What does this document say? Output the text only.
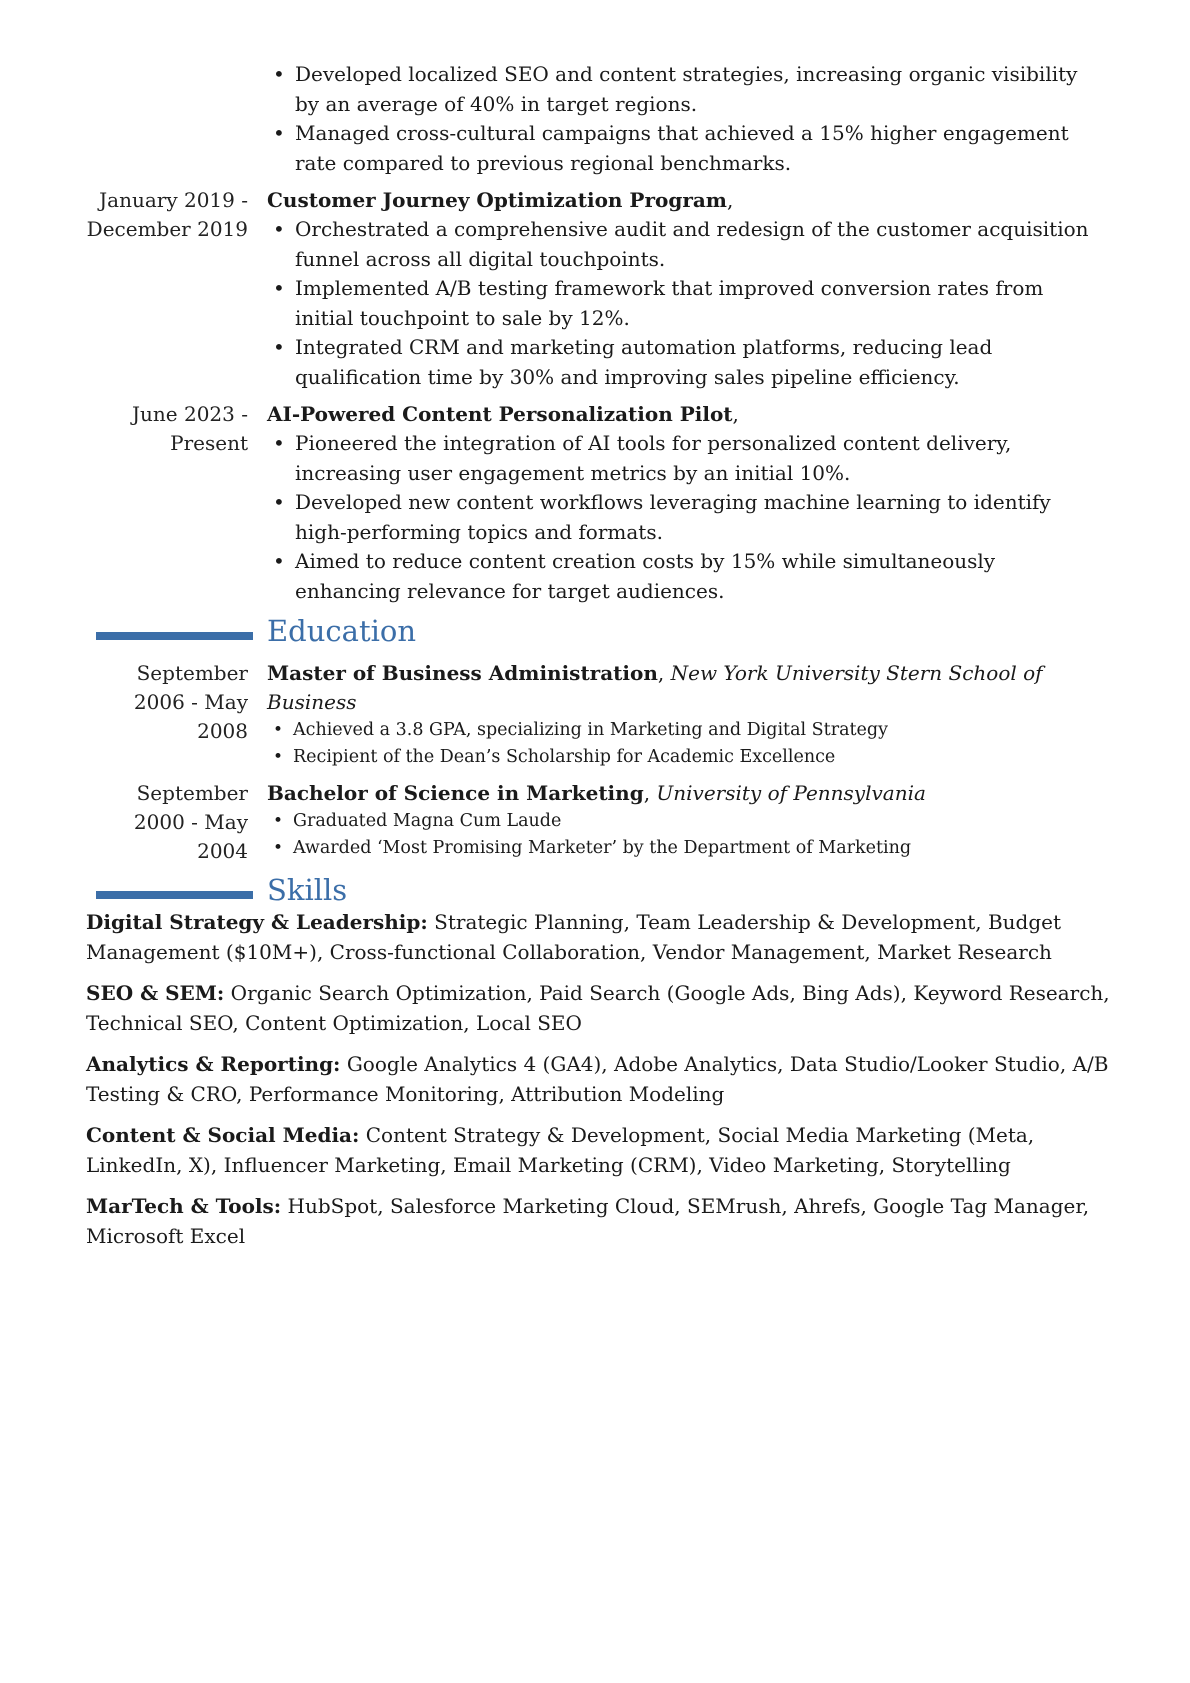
• Developed localized SEO and content strategies, increasing organic visibility by an average of 40% in target regions.
• Managed cross-cultural campaigns that achieved a 15% higher engagement rate compared to previous regional benchmarks.
January 2019 -
December 2019
Customer Journey Optimization Program,
• Orchestrated a comprehensive audit and redesign of the customer acquisition funnel across all digital touchpoints.
• Implemented A/B testing framework that improved conversion rates from initial touchpoint to sale by 12%.
• Integrated CRM and marketing automation platforms, reducing lead qualification time by 30% and improving sales pipeline efficiency.
June 2023 -
Present
AI-Powered Content Personalization Pilot,
• Pioneered the integration of AI tools for personalized content delivery, increasing user engagement metrics by an initial 10%.
• Developed new content workflows leveraging machine learning to identify high-performing topics and formats.
• Aimed to reduce content creation costs by 15% while simultaneously enhancing relevance for target audiences.
Education
September
2006 - May
2008
Master of Business Administration, New York University Stern School of Business
• Achieved a 3.8 GPA, specializing in Marketing and Digital Strategy
• Recipient of the Dean’s Scholarship for Academic Excellence
September
2000 - May
2004
Bachelor of Science in Marketing, University of Pennsylvania
• Graduated Magna Cum Laude
• Awarded ‘Most Promising Marketer’ by the Department of Marketing
Skills
Digital Strategy & Leadership: Strategic Planning, Team Leadership & Development, Budget Management ($10M+), Cross-functional Collaboration, Vendor Management, Market Research
SEO & SEM: Organic Search Optimization, Paid Search (Google Ads, Bing Ads), Keyword Research, Technical SEO, Content Optimization, Local SEO
Analytics & Reporting: Google Analytics 4 (GA4), Adobe Analytics, Data Studio/Looker Studio, A/B Testing & CRO, Performance Monitoring, Attribution Modeling
Content & Social Media: Content Strategy & Development, Social Media Marketing (Meta, LinkedIn, X), Influencer Marketing, Email Marketing (CRM), Video Marketing, Storytelling
MarTech & Tools: HubSpot, Salesforce Marketing Cloud, SEMrush, Ahrefs, Google Tag Manager, Microsoft Excel
